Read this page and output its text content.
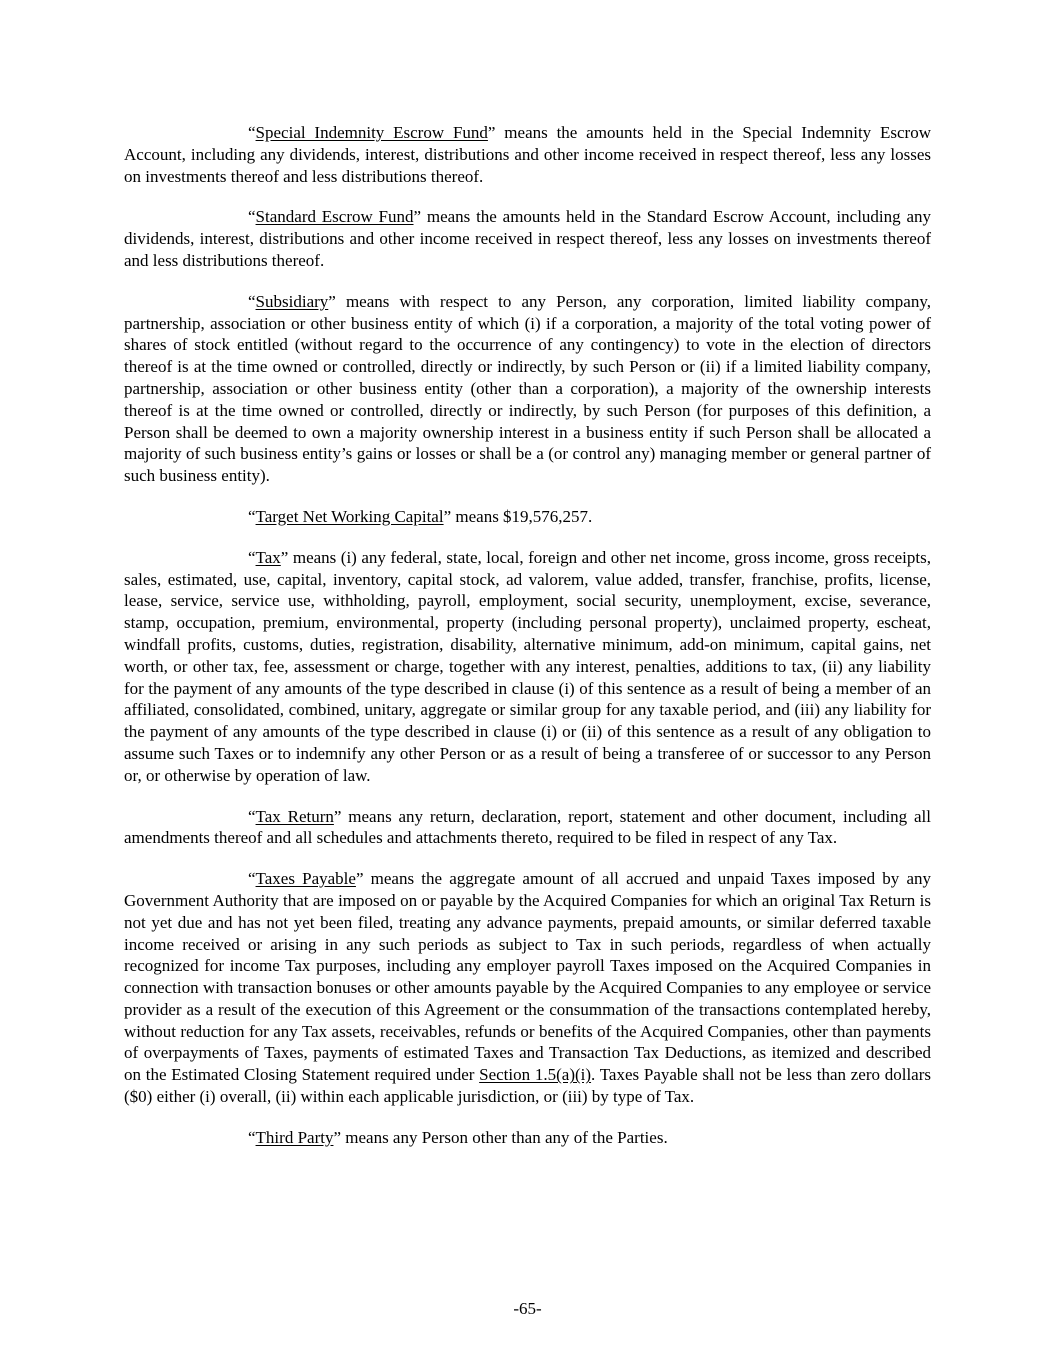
“Special Indemnity Escrow Fund” means the amounts held in the Special Indemnity Escrow Account, including any dividends, interest, distributions and other income received in respect thereof, less any losses on investments thereof and less distributions thereof.

“Standard Escrow Fund” means the amounts held in the Standard Escrow Account, including any dividends, interest, distributions and other income received in respect thereof, less any losses on investments thereof and less distributions thereof.

“Subsidiary” means with respect to any Person, any corporation, limited liability company, partnership, association or other business entity of which (i) if a corporation, a majority of the total voting power of shares of stock entitled (without regard to the occurrence of any contingency) to vote in the election of directors thereof is at the time owned or controlled, directly or indirectly, by such Person or (ii) if a limited liability company, partnership, association or other business entity (other than a corporation), a majority of the ownership interests thereof is at the time owned or controlled, directly or indirectly, by such Person (for purposes of this definition, a Person shall be deemed to own a majority ownership interest in a business entity if such Person shall be allocated a majority of such business entity’s gains or losses or shall be a (or control any) managing member or general partner of such business entity).

“Target Net Working Capital” means $19,576,257.

“Tax” means (i) any federal, state, local, foreign and other net income, gross income, gross receipts, sales, estimated, use, capital, inventory, capital stock, ad valorem, value added, transfer, franchise, profits, license, lease, service, service use, withholding, payroll, employment, social security, unemployment, excise, severance, stamp, occupation, premium, environmental, property (including personal property), unclaimed property, escheat, windfall profits, customs, duties, registration, disability, alternative minimum, add-on minimum, capital gains, net worth, or other tax, fee, assessment or charge, together with any interest, penalties, additions to tax, (ii) any liability for the payment of any amounts of the type described in clause (i) of this sentence as a result of being a member of an affiliated, consolidated, combined, unitary, aggregate or similar group for any taxable period, and (iii) any liability for the payment of any amounts of the type described in clause (i) or (ii) of this sentence as a result of any obligation to assume such Taxes or to indemnify any other Person or as a result of being a transferee of or successor to any Person or, or otherwise by operation of law.

“Tax Return” means any return, declaration, report, statement and other document, including all amendments thereof and all schedules and attachments thereto, required to be filed in respect of any Tax.

“Taxes Payable” means the aggregate amount of all accrued and unpaid Taxes imposed by any Government Authority that are imposed on or payable by the Acquired Companies for which an original Tax Return is not yet due and has not yet been filed, treating any advance payments, prepaid amounts, or similar deferred taxable income received or arising in any such periods as subject to Tax in such periods, regardless of when actually recognized for income Tax purposes, including any employer payroll Taxes imposed on the Acquired Companies in connection with transaction bonuses or other amounts payable by the Acquired Companies to any employee or service provider as a result of the execution of this Agreement or the consummation of the transactions contemplated hereby, without reduction for any Tax assets, receivables, refunds or benefits of the Acquired Companies, other than payments of overpayments of Taxes, payments of estimated Taxes and Transaction Tax Deductions, as itemized and described on the Estimated Closing Statement required under Section 1.5(a)(i). Taxes Payable shall not be less than zero dollars ($0) either (i) overall, (ii) within each applicable jurisdiction, or (iii) by type of Tax.

“Third Party” means any Person other than any of the Parties.

-65-
